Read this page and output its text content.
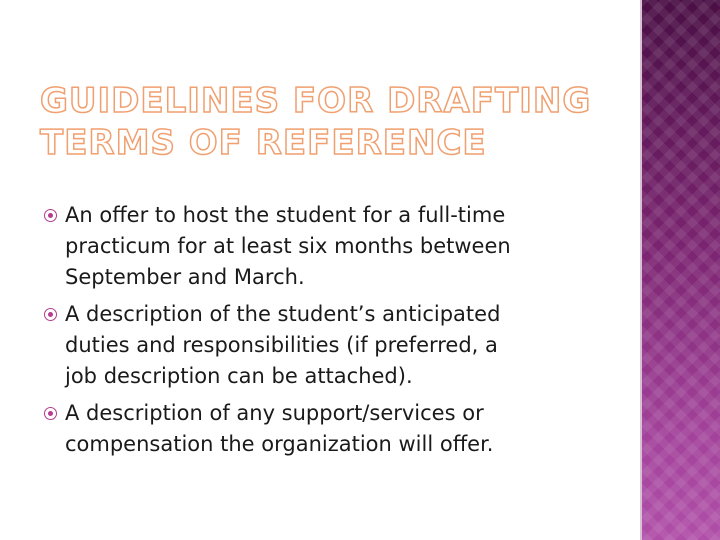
GUIDELINES FOR DRAFTING
TERMS OF REFERENCE
An offer to host the student for a full-time
practicum for at least six months between
September and March.
A description of the student’s anticipated
duties and responsibilities (if preferred, a
job description can be attached).
A description of any support/services or
compensation the organization will offer.
